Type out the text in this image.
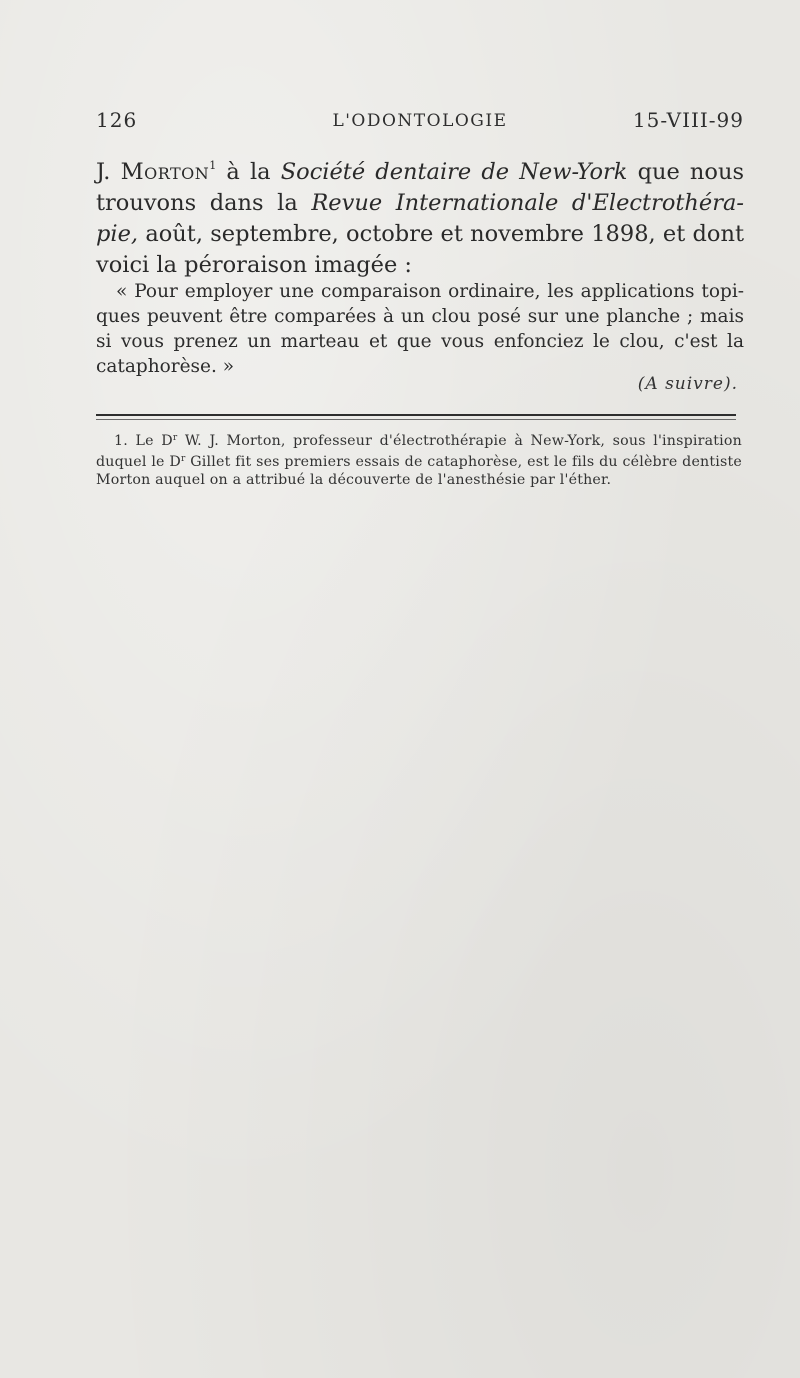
126	L'ODONTOLOGIE	15-VIII-99
J. Morton$^1$ à la Société dentaire de New-York que nous trouvons dans la Revue Internationale d'Electrothérapie, août, septembre, octobre et novembre 1898, et dont voici la péroraison imagée :
« Pour employer une comparaison ordinaire, les applications topiques peuvent être comparées à un clou posé sur une planche ; mais si vous prenez un marteau et que vous enfonciez le clou, c'est la cataphorèse. »
(A suivre).
1. Le $D^r$ W. J. Morton, professeur d'électrothérapie à New-York, sous l'inspiration duquel le $D^r$ Gillet fit ses premiers essais de cataphorèse, est le fils du célèbre dentiste Morton auquel on a attribué la découverte de l'anesthésie par l'éther.
